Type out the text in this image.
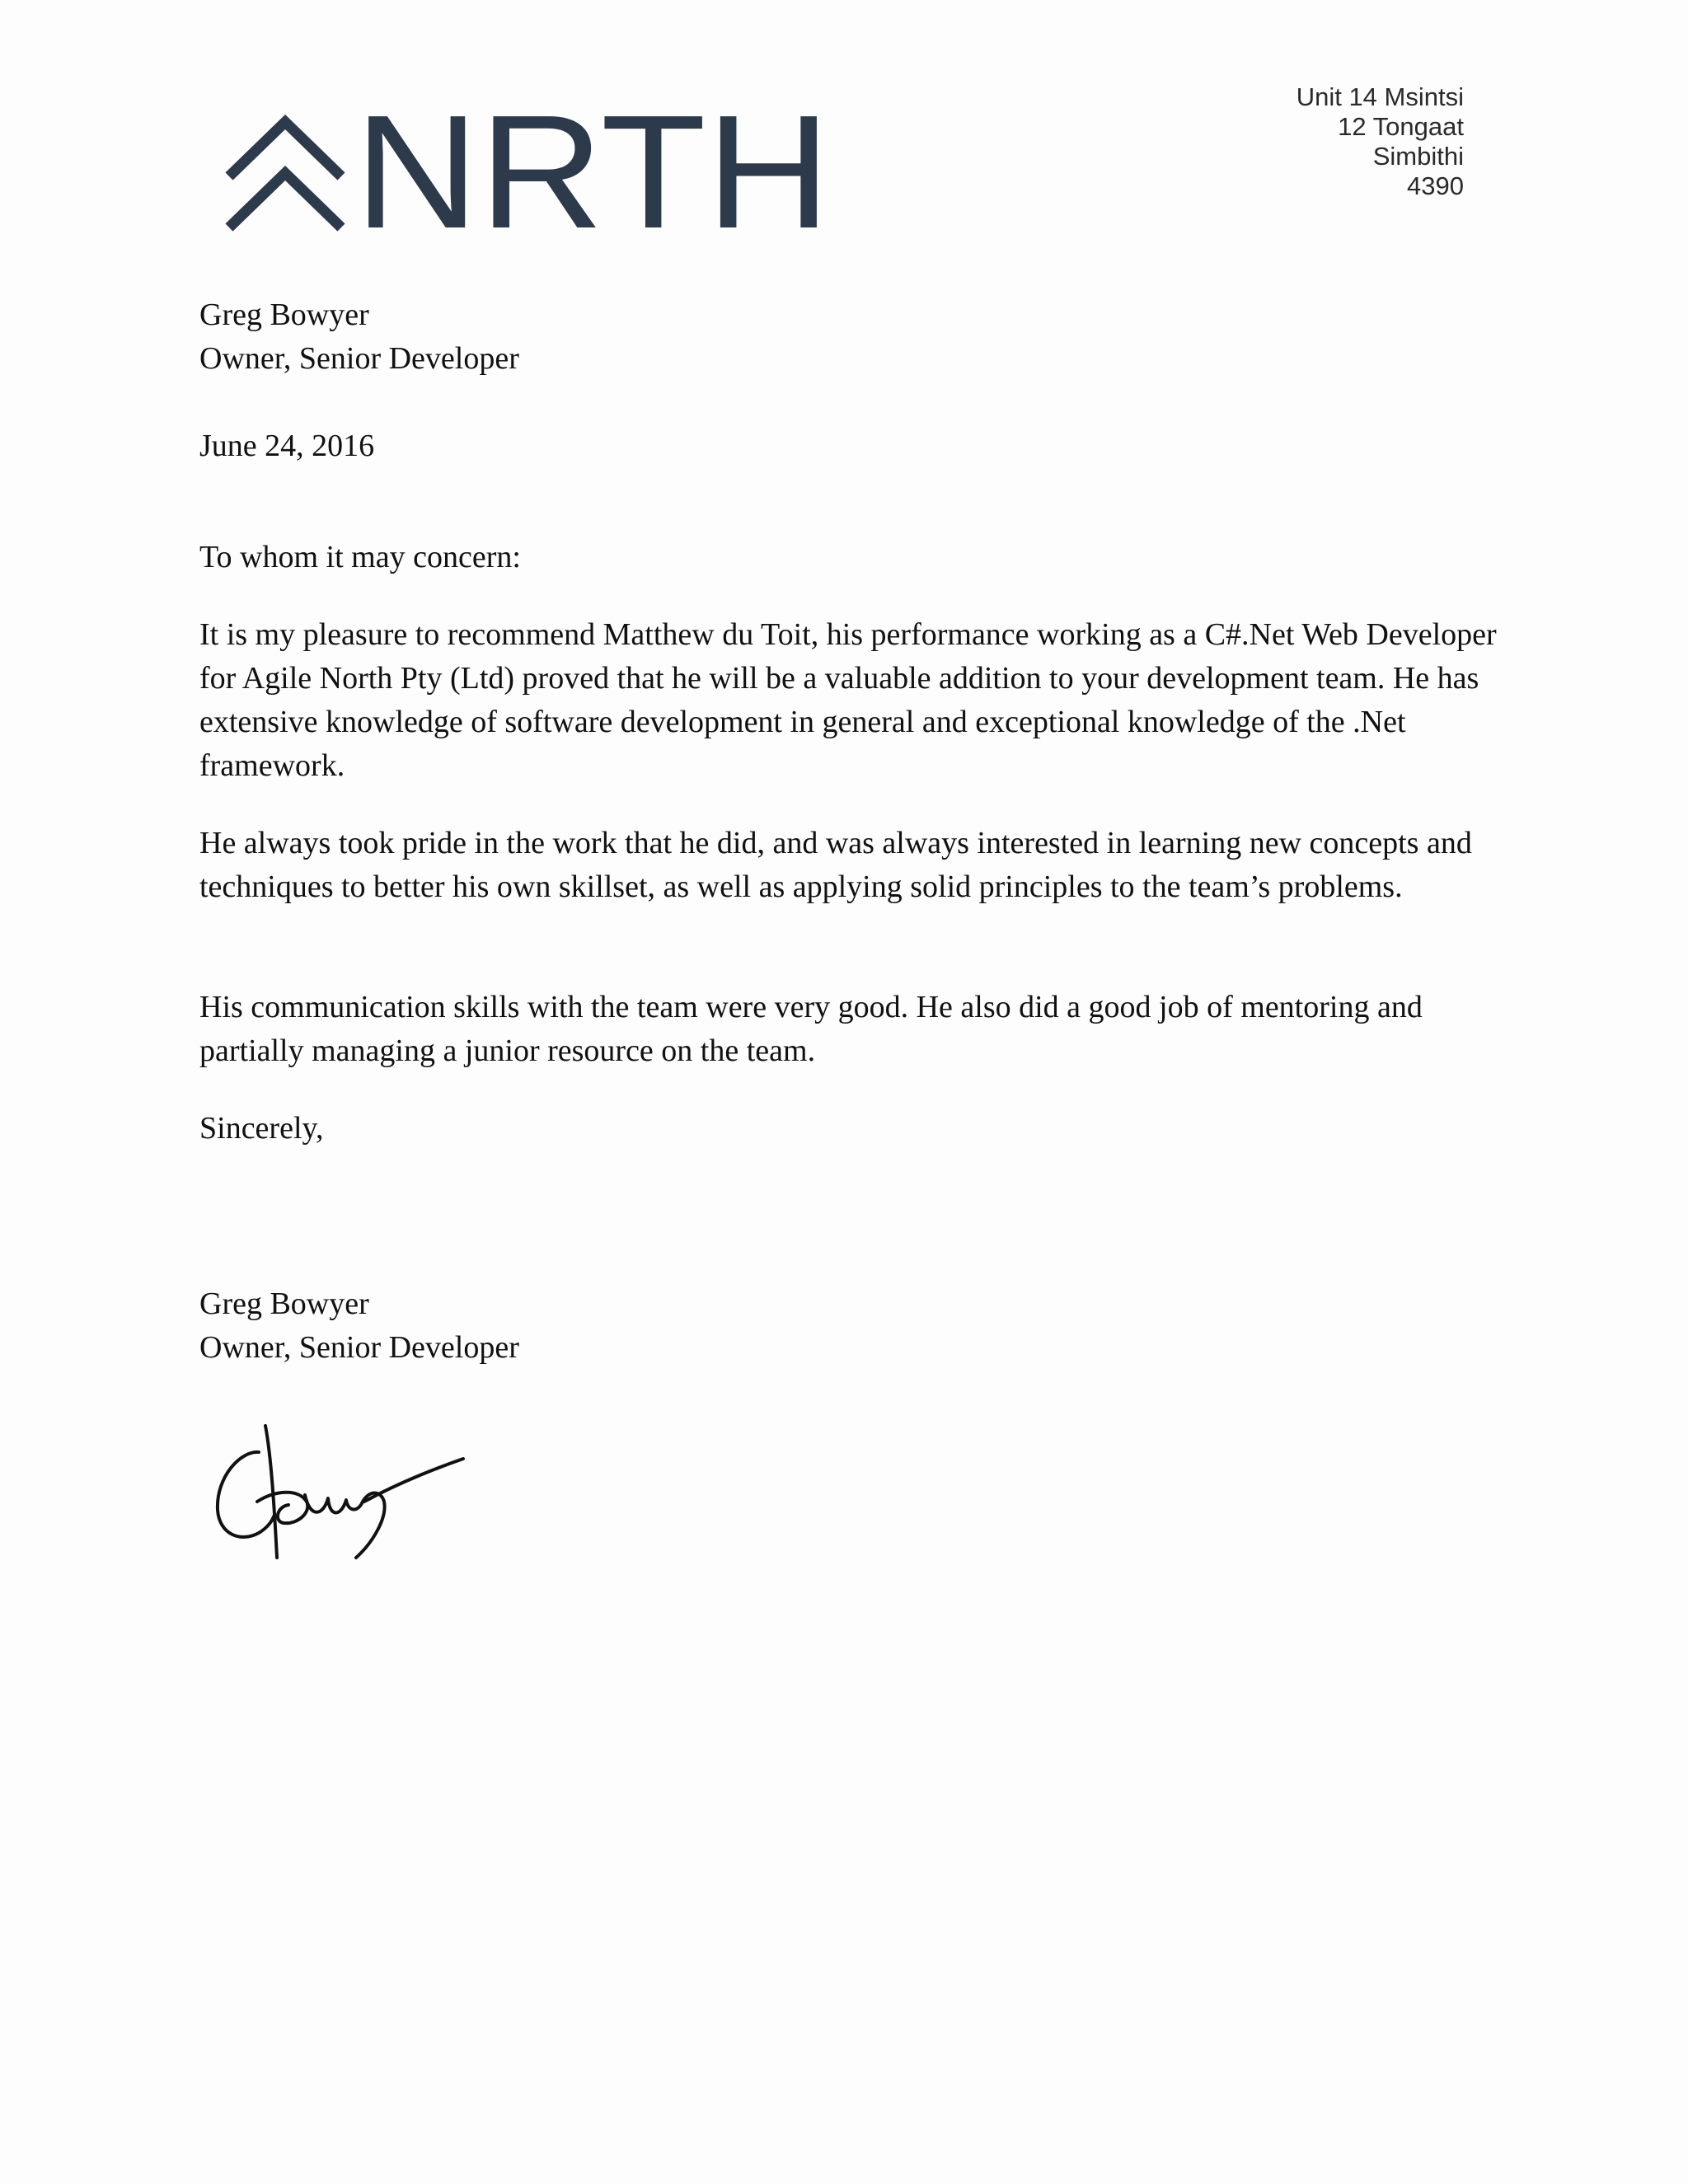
NRTH	Unit 14 Msintsi
12 Tongaat
Simbithi
4390

Greg Bowyer

Owner, Senior Developer

June 24, 2016

To whom it may concern:

It is my pleasure to recommend Matthew du Toit, his performance working as a C#.Net Web Developer for Agile North Pty (Ltd) proved that he will be a valuable addition to your development team. He has extensive knowledge of software development in general and exceptional knowledge of the .Net framework.

He always took pride in the work that he did, and was always interested in learning new concepts and techniques to better his own skillset, as well as applying solid principles to the team’s problems.

His communication skills with the team were very good. He also did a good job of mentoring and partially managing a junior resource on the team.

Sincerely,

Greg Bowyer

Owner, Senior Developer
